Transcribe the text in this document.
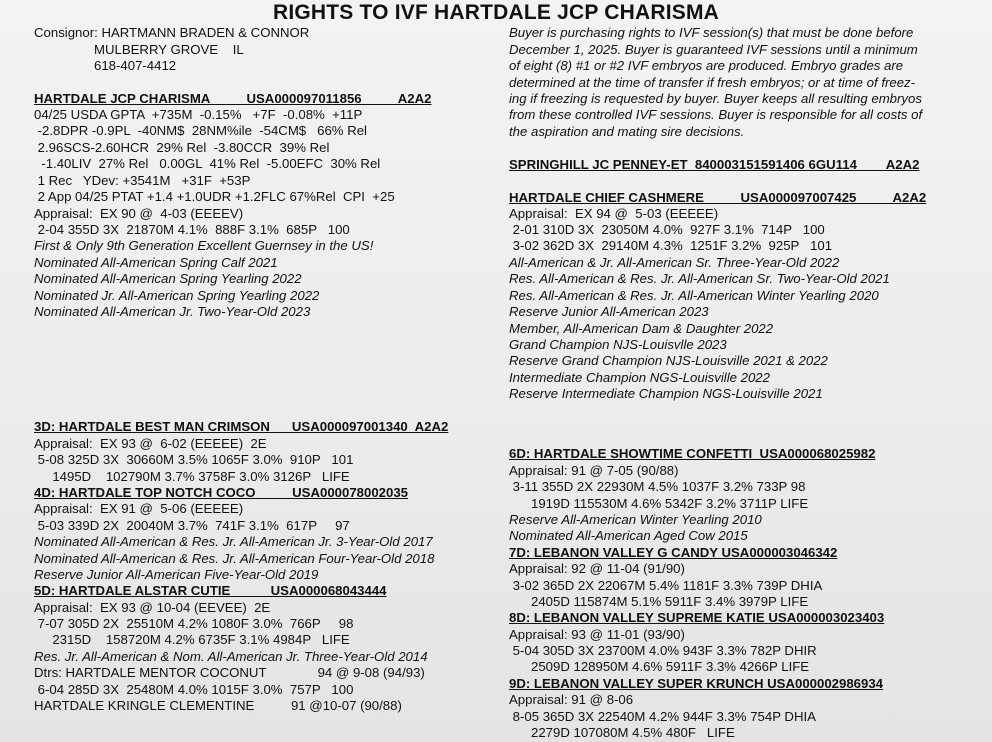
RIGHTS TO IVF HARTDALE JCP CHARISMA
Consignor: HARTMANN BRADEN & CONNOR
MULBERRY GROVE    IL
618-407-4412
HARTDALE JCP CHARISMA          USA000097011856          A2A2
04/25 USDA GPTA  +735M  -0.15%   +7F  -0.08%  +11P
-2.8DPR -0.9PL  -40NM$  28NM%ile  -54CM$   66% Rel
2.96SCS-2.60HCR  29% Rel  -3.80CCR  39% Rel
-1.40LIV  27% Rel   0.00GL  41% Rel  -5.00EFC  30% Rel
1 Rec   YDev: +3541M   +31F  +53P
2 App 04/25 PTAT +1.4 +1.0UDR +1.2FLC 67%Rel  CPI  +25
Appraisal:  EX 90 @  4-03 (EEEEV)
2-04 355D 3X  21870M 4.1%  888F 3.1%  685P   100
First & Only 9th Generation Excellent Guernsey in the US!
Nominated All-American Spring Calf 2021
Nominated All-American Spring Yearling 2022
Nominated Jr. All-American Spring Yearling 2022
Nominated All-American Jr. Two-Year-Old 2023
3D: HARTDALE BEST MAN CRIMSON      USA000097001340  A2A2
Appraisal:  EX 93 @  6-02 (EEEEE)  2E
5-08 325D 3X  30660M 3.5% 1065F 3.0%  910P   101
1495D    102790M 3.7% 3758F 3.0% 3126P   LIFE
4D: HARTDALE TOP NOTCH COCO          USA000078002035
Appraisal:  EX 91 @  5-06 (EEEEE)
5-03 339D 2X  20040M 3.7%  741F 3.1%  617P     97
Nominated All-American & Res. Jr. All-American Jr. 3-Year-Old 2017
Nominated All-American & Res. Jr. All-American Four-Year-Old 2018
Reserve Junior All-American Five-Year-Old 2019
5D: HARTDALE ALSTAR CUTIE           USA000068043444
Appraisal:  EX 93 @ 10-04 (EEVEE)  2E
7-07 305D 2X  25510M 4.2% 1080F 3.0%  766P     98
2315D    158720M 4.2% 6735F 3.1% 4984P   LIFE
Res. Jr. All-American & Nom. All-American Jr. Three-Year-Old 2014
Dtrs: HARTDALE MENTOR COCONUT              94 @ 9-08 (94/93)
6-04 285D 3X  25480M 4.0% 1015F 3.0%  757P   100
HARTDALE KRINGLE CLEMENTINE          91 @10-07 (90/88)
Buyer is purchasing rights to IVF session(s) that must be done before
December 1, 2025. Buyer is guaranteed IVF sessions until a minimum
of eight (8) #1 or #2 IVF embryos are produced. Embryo grades are
determined at the time of transfer if fresh embryos; or at time of freez-
ing if freezing is requested by buyer. Buyer keeps all resulting embryos
from these controlled IVF sessions. Buyer is responsible for all costs of
the aspiration and mating sire decisions.
SPRINGHILL JC PENNEY-ET  840003151591406 6GU114        A2A2
HARTDALE CHIEF CASHMERE          USA000097007425          A2A2
Appraisal:  EX 94 @  5-03 (EEEEE)
2-01 310D 3X  23050M 4.0%  927F 3.1%  714P   100
3-02 362D 3X  29140M 4.3%  1251F 3.2%  925P   101
All-American & Jr. All-American Sr. Three-Year-Old 2022
Res. All-American & Res. Jr. All-American Sr. Two-Year-Old 2021
Res. All-American & Res. Jr. All-American Winter Yearling 2020
Reserve Junior All-American 2023
Member, All-American Dam & Daughter 2022
Grand Champion NJS-Louisvlle 2023
Reserve Grand Champion NJS-Louisville 2021 & 2022
Intermediate Champion NGS-Louisville 2022
Reserve Intermediate Champion NGS-Louisville 2021
6D: HARTDALE SHOWTIME CONFETTI  USA000068025982
Appraisal: 91 @ 7-05 (90/88)
3-11 355D 2X 22930M 4.5% 1037F 3.2% 733P 98
1919D 115530M 4.6% 5342F 3.2% 3711P LIFE
Reserve All-American Winter Yearling 2010
Nominated All-American Aged Cow 2015
7D: LEBANON VALLEY G CANDY USA000003046342
Appraisal: 92 @ 11-04 (91/90)
3-02 365D 2X 22067M 5.4% 1181F 3.3% 739P DHIA
2405D 115874M 5.1% 5911F 3.4% 3979P LIFE
8D: LEBANON VALLEY SUPREME KATIE USA000003023403
Appraisal: 93 @ 11-01 (93/90)
5-04 305D 3X 23700M 4.0% 943F 3.3% 782P DHIR
2509D 128950M 4.6% 5911F 3.3% 4266P LIFE
9D: LEBANON VALLEY SUPER KRUNCH USA000002986934
Appraisal: 91 @ 8-06
8-05 365D 3X 22540M 4.2% 944F 3.3% 754P DHIA
2279D 107080M 4.5% 480F   LIFE
